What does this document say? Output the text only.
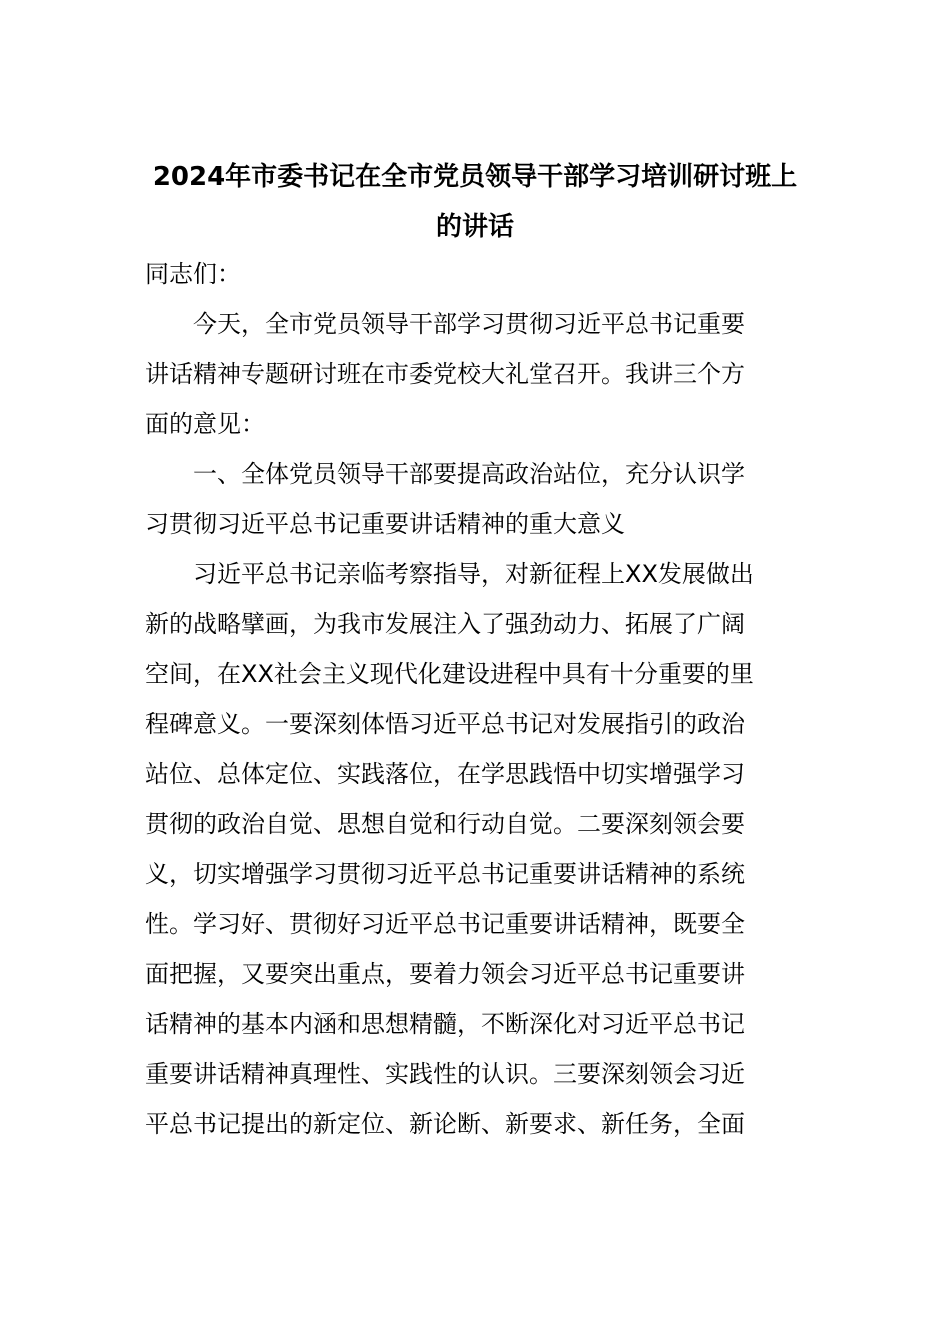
2024年市委书记在全市党员领导干部学习培训研讨班上
的讲话
同志们：
今天，全市党员领导干部学习贯彻习近平总书记重要
讲话精神专题研讨班在市委党校大礼堂召开。我讲三个方
面的意见：
一、全体党员领导干部要提高政治站位，充分认识学
习贯彻习近平总书记重要讲话精神的重大意义
习近平总书记亲临考察指导，对新征程上XX发展做出
新的战略擘画，为我市发展注入了强劲动力、拓展了广阔
空间，在XX社会主义现代化建设进程中具有十分重要的里
程碑意义。一要深刻体悟习近平总书记对发展指引的政治
站位、总体定位、实践落位，在学思践悟中切实增强学习
贯彻的政治自觉、思想自觉和行动自觉。二要深刻领会要
义，切实增强学习贯彻习近平总书记重要讲话精神的系统
性。学习好、贯彻好习近平总书记重要讲话精神，既要全
面把握，又要突出重点，要着力领会习近平总书记重要讲
话精神的基本内涵和思想精髓，不断深化对习近平总书记
重要讲话精神真理性、实践性的认识。三要深刻领会习近
平总书记提出的新定位、新论断、新要求、新任务，全面
